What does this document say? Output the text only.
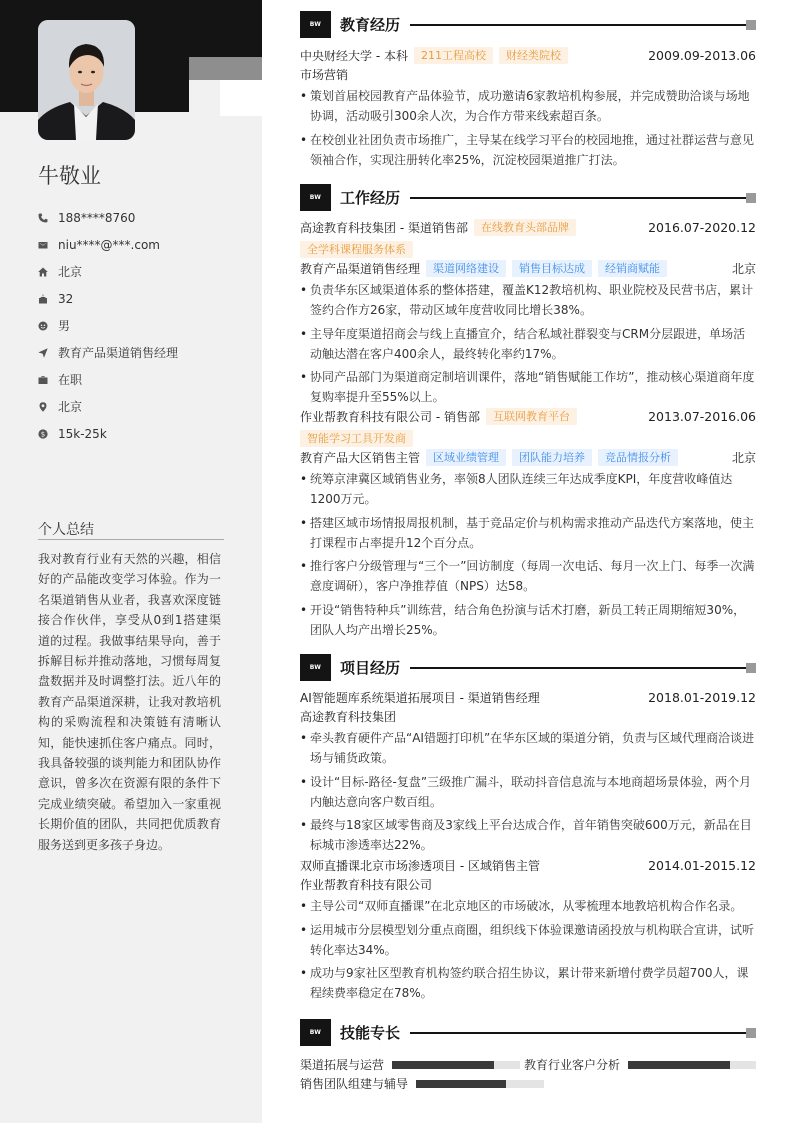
牛敬业
188****8760
niu****@***.com
北京
32
男
教育产品渠道销售经理
在职
北京
$ 15k-25k
个人总结
我对教育行业有天然的兴趣，相信好的产品能改变学习体验。作为一名渠道销售从业者，我喜欢深度链接合作伙伴，享受从0到1搭建渠道的过程。我做事结果导向，善于拆解目标并推动落地，习惯每周复盘数据并及时调整打法。近八年的教育产品渠道深耕，让我对教培机构的采购流程和决策链有清晰认知，能快速抓住客户痛点。同时，我具备较强的谈判能力和团队协作意识，曾多次在资源有限的条件下完成业绩突破。希望加入一家重视长期价值的团队，共同把优质教育服务送到更多孩子身边。
BW	教育经历
中央财经大学 - 本科	211工程高校	财经类院校	2009.09-2013.06
市场营销
• 策划首届校园教育产品体验节，成功邀请6家教培机构参展，并完成赞助洽谈与场地协调，活动吸引300余人次，为合作方带来线索超百条。
• 在校创业社团负责市场推广，主导某在线学习平台的校园地推，通过社群运营与意见领袖合作，实现注册转化率25%，沉淀校园渠道推广打法。
BW	工作经历
高途教育科技集团 - 渠道销售部	在线教育头部品牌	2016.07-2020.12
全学科课程服务体系
教育产品渠道销售经理	渠道网络建设	销售目标达成	经销商赋能	北京
• 负责华东区域渠道体系的整体搭建，覆盖K12教培机构、职业院校及民营书店，累计签约合作方26家，带动区域年度营收同比增长38%。
• 主导年度渠道招商会与线上直播宣介，结合私域社群裂变与CRM分层跟进，单场活动触达潜在客户400余人，最终转化率约17%。
• 协同产品部门为渠道商定制培训课件，落地“销售赋能工作坊”，推动核心渠道商年度复购率提升至55%以上。
作业帮教育科技有限公司 - 销售部	互联网教育平台	2013.07-2016.06
智能学习工具开发商
教育产品大区销售主管	区域业绩管理	团队能力培养	竞品情报分析	北京
• 统筹京津冀区域销售业务，率领8人团队连续三年达成季度KPI，年度营收峰值达1200万元。
• 搭建区域市场情报周报机制，基于竞品定价与机构需求推动产品迭代方案落地，使主打课程市占率提升12个百分点。
• 推行客户分级管理与“三个一”回访制度（每周一次电话、每月一次上门、每季一次满意度调研），客户净推荐值（NPS）达58。
• 开设“销售特种兵”训练营，结合角色扮演与话术打磨，新员工转正周期缩短30%，团队人均产出增长25%。
BW	项目经历
AI智能题库系统渠道拓展项目 - 渠道销售经理	2018.01-2019.12
高途教育科技集团
• 牵头教育硬件产品“AI错题打印机”在华东区域的渠道分销，负责与区域代理商洽谈进场与铺货政策。
• 设计“目标-路径-复盘”三级推广漏斗，联动抖音信息流与本地商超场景体验，两个月内触达意向客户数百组。
• 最终与18家区域零售商及3家线上平台达成合作，首年销售突破600万元，新品在目标城市渗透率达22%。
双师直播课北京市场渗透项目 - 区域销售主管	2014.01-2015.12
作业帮教育科技有限公司
• 主导公司“双师直播课”在北京地区的市场破冰，从零梳理本地教培机构合作名录。
• 运用城市分层模型划分重点商圈，组织线下体验课邀请函投放与机构联合宣讲，试听转化率达34%。
• 成功与9家社区型教育机构签约联合招生协议，累计带来新增付费学员超700人，课程续费率稳定在78%。
BW	技能专长
渠道拓展与运营	教育行业客户分析
销售团队组建与辅导
